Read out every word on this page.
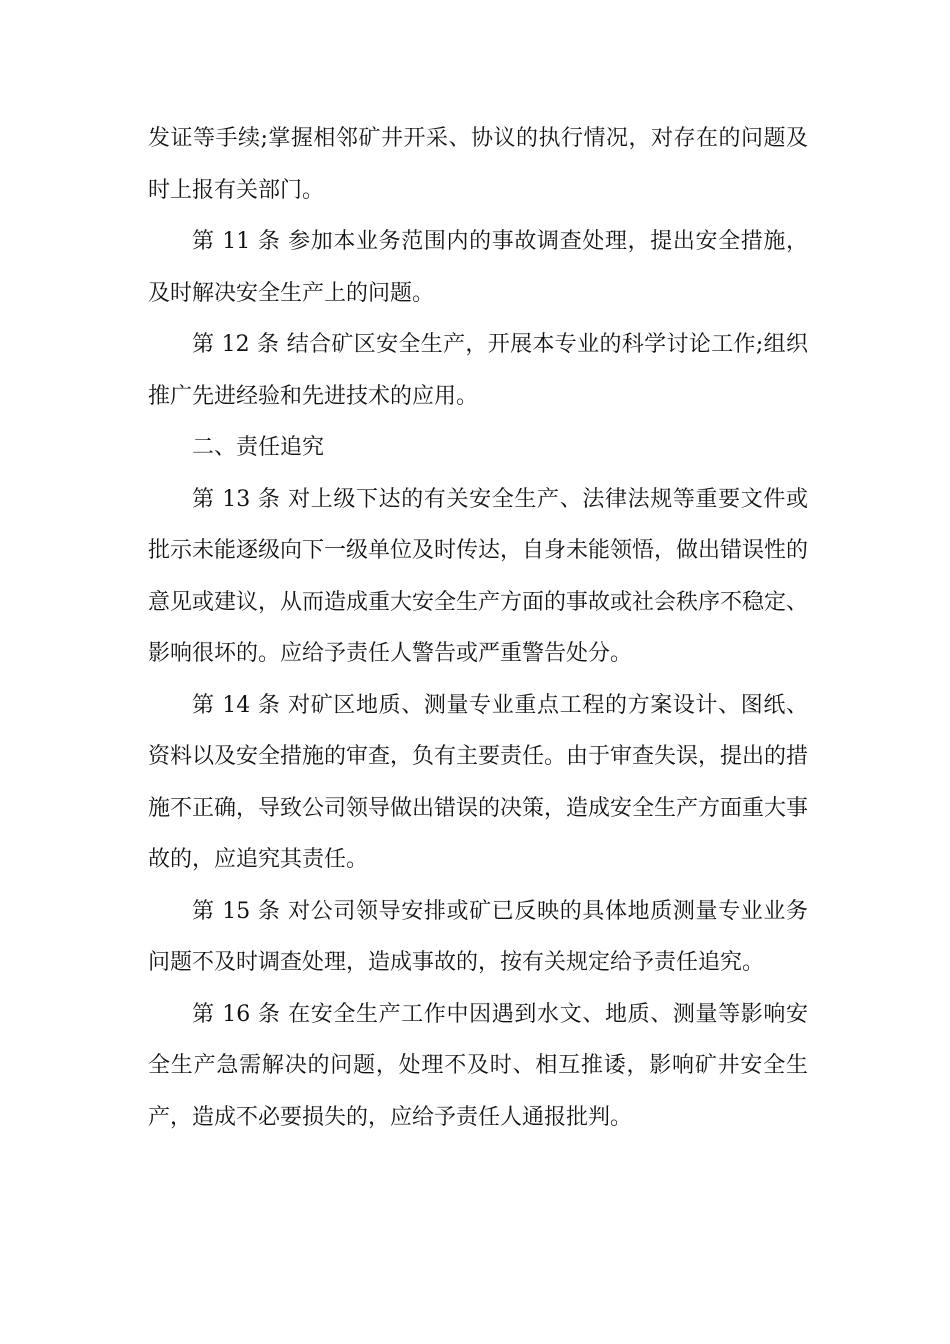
发证等手续;掌握相邻矿井开采、协议的执行情况，对存在的问题及时上报有关部门。

第 11 条 参加本业务范围内的事故调查处理，提出安全措施，及时解决安全生产上的问题。

第 12 条 结合矿区安全生产，开展本专业的科学讨论工作;组织推广先进经验和先进技术的应用。

二、责任追究

第 13 条 对上级下达的有关安全生产、法律法规等重要文件或批示未能逐级向下一级单位及时传达，自身未能领悟，做出错误性的意见或建议，从而造成重大安全生产方面的事故或社会秩序不稳定、影响很坏的。应给予责任人警告或严重警告处分。

第 14 条 对矿区地质、测量专业重点工程的方案设计、图纸、资料以及安全措施的审查，负有主要责任。由于审查失误，提出的措施不正确，导致公司领导做出错误的决策，造成安全生产方面重大事故的，应追究其责任。

第 15 条 对公司领导安排或矿已反映的具体地质测量专业业务问题不及时调查处理，造成事故的，按有关规定给予责任追究。

第 16 条 在安全生产工作中因遇到水文、地质、测量等影响安全生产急需解决的问题，处理不及时、相互推诿，影响矿井安全生产，造成不必要损失的，应给予责任人通报批判。
